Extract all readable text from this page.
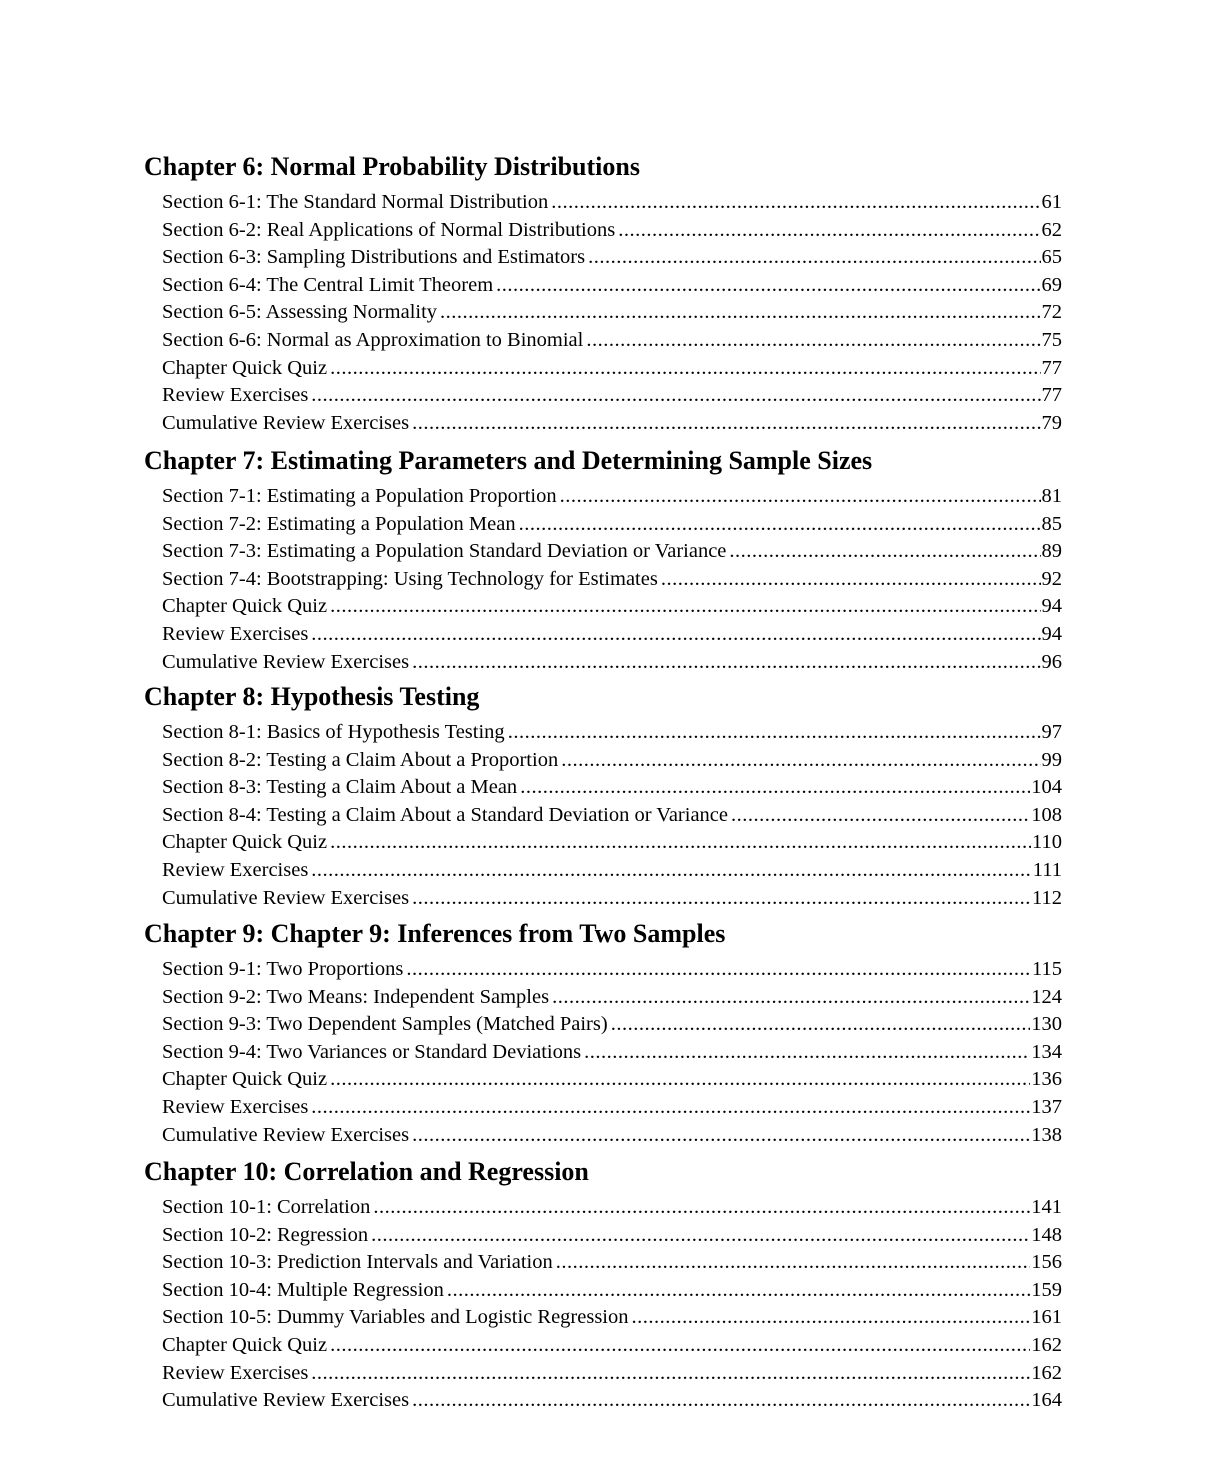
Chapter 6: Normal Probability Distributions
Section 6-1: The Standard Normal Distribution .....	61
Section 6-2: Real Applications of Normal Distributions .....	62
Section 6-3: Sampling Distributions and Estimators .....	65
Section 6-4: The Central Limit Theorem .....	69
Section 6-5: Assessing Normality .....	72
Section 6-6: Normal as Approximation to Binomial .....	75
Chapter Quick Quiz .....	77
Review Exercises .....	77
Cumulative Review Exercises .....	79
Chapter 7: Estimating Parameters and Determining Sample Sizes
Section 7-1: Estimating a Population Proportion .....	81
Section 7-2: Estimating a Population Mean .....	85
Section 7-3: Estimating a Population Standard Deviation or Variance .....	89
Section 7-4: Bootstrapping: Using Technology for Estimates .....	92
Chapter Quick Quiz .....	94
Review Exercises .....	94
Cumulative Review Exercises .....	96
Chapter 8: Hypothesis Testing
Section 8-1: Basics of Hypothesis Testing .....	97
Section 8-2: Testing a Claim About a Proportion .....	99
Section 8-3: Testing a Claim About a Mean .....	104
Section 8-4: Testing a Claim About a Standard Deviation or Variance .....	108
Chapter Quick Quiz .....	110
Review Exercises .....	111
Cumulative Review Exercises .....	112
Chapter 9: Chapter 9: Inferences from Two Samples
Section 9-1: Two Proportions .....	115
Section 9-2: Two Means: Independent Samples .....	124
Section 9-3: Two Dependent Samples (Matched Pairs) .....	130
Section 9-4: Two Variances or Standard Deviations .....	134
Chapter Quick Quiz .....	136
Review Exercises .....	137
Cumulative Review Exercises .....	138
Chapter 10: Correlation and Regression
Section 10-1: Correlation .....	141
Section 10-2: Regression .....	148
Section 10-3: Prediction Intervals and Variation .....	156
Section 10-4: Multiple Regression .....	159
Section 10-5: Dummy Variables and Logistic Regression .....	161
Chapter Quick Quiz .....	162
Review Exercises .....	162
Cumulative Review Exercises .....	164
